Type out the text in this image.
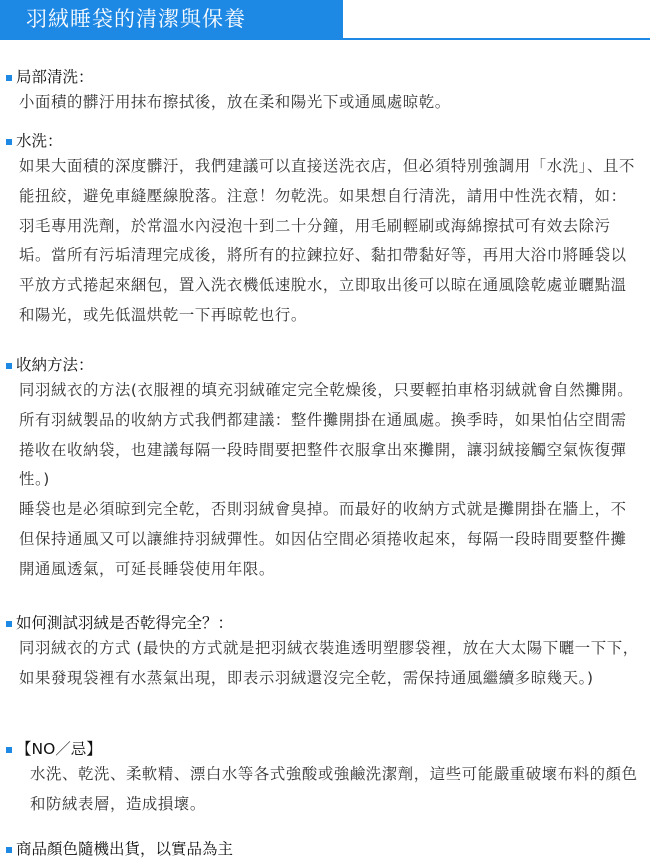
羽絨睡袋的清潔與保養
局部清洗：
小面積的髒汙用抹布擦拭後，放在柔和陽光下或通風處晾乾。
水洗：
如果大面積的深度髒汙，我們建議可以直接送洗衣店，但必須特別強調用「水洗」、且不能扭絞，避免車縫壓線脫落。注意！勿乾洗。如果想自行清洗，請用中性洗衣精，如：羽毛專用洗劑，於常溫水內浸泡十到二十分鐘，用毛刷輕刷或海綿擦拭可有效去除污垢。當所有污垢清理完成後，將所有的拉鍊拉好、黏扣帶黏好等，再用大浴巾將睡袋以平放方式捲起來綑包，置入洗衣機低速脫水，立即取出後可以晾在通風陰乾處並曬點溫和陽光，或先低溫烘乾一下再晾乾也行。
收納方法：
同羽絨衣的方法(衣服裡的填充羽絨確定完全乾燥後，只要輕拍車格羽絨就會自然攤開。所有羽絨製品的收納方式我們都建議：整件攤開掛在通風處。換季時，如果怕佔空間需捲收在收納袋，也建議每隔一段時間要把整件衣服拿出來攤開，讓羽絨接觸空氣恢復彈性。)
睡袋也是必須晾到完全乾，否則羽絨會臭掉。而最好的收納方式就是攤開掛在牆上，不但保持通風又可以讓維持羽絨彈性。如因佔空間必須捲收起來，每隔一段時間要整件攤開通風透氣，可延長睡袋使用年限。
如何測試羽絨是否乾得完全？：
同羽絨衣的方式 (最快的方式就是把羽絨衣裝進透明塑膠袋裡，放在大太陽下曬一下下，如果發現袋裡有水蒸氣出現，即表示羽絨還沒完全乾，需保持通風繼續多晾幾天。)
【NO／忌】
水洗、乾洗、柔軟精、漂白水等各式強酸或強鹼洗潔劑，這些可能嚴重破壞布料的顏色和防絨表層，造成損壞。
商品顏色隨機出貨，以實品為主
